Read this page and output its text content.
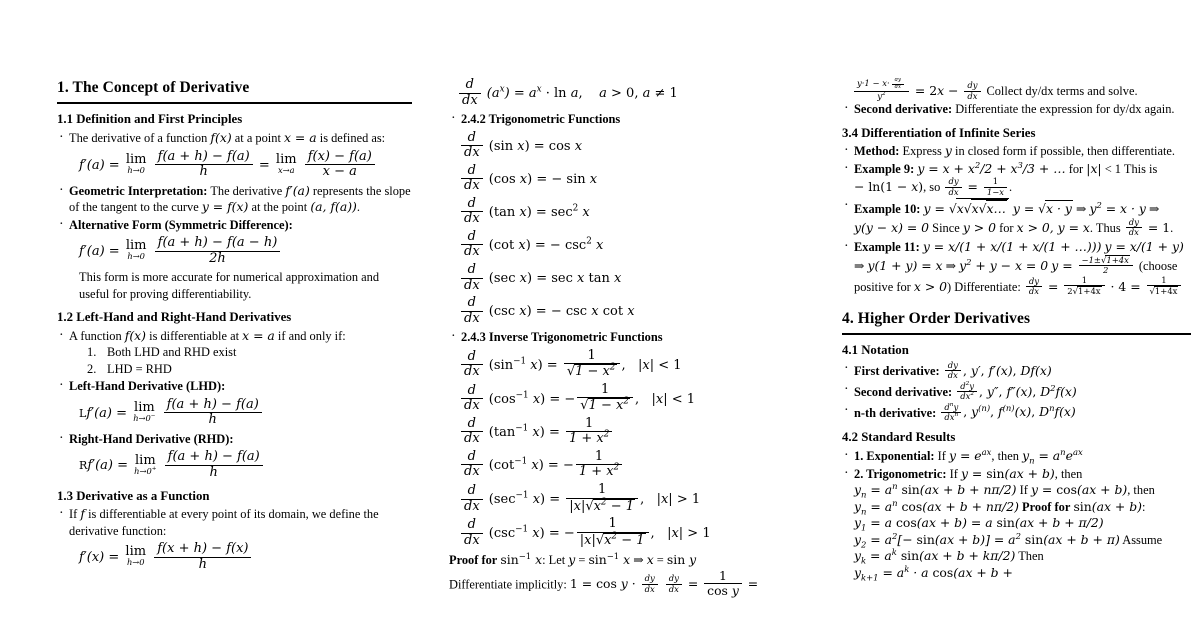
1. The Concept of Derivative
1.1 Definition and First Principles
· The derivative of a function f(x) at a point x = a is defined as:
f′(a) = lim
h→0
$\frac{f(a + h) - f(a)}{h} = \lim$
x→a
$\frac{f(x) - f(a)}{x - a}$
· Geometric Interpretation: The derivative f′(a) represents the slope of the tangent to the curve y = f(x) at the point (a, f(a)).
· Alternative Form (Symmetric Difference):
f′(a) = lim
h→0
$\frac{f(a + h) - f(a - h)}{2h}$
This form is more accurate for numerical approximation and useful for proving differentiability.
1.2 Left-Hand and Right-Hand Derivatives
· A function f(x) is differentiable at x = a if and only if:
Both LHD and RHD exist
LHD = RHD
· Left-Hand Derivative (LHD):
Lf′(a) = lim
h→0−
$\frac{f(a + h) - f(a)}{h}$
· Right-Hand Derivative (RHD):
Rf′(a) = lim
h→0+
$\frac{f(a + h) - f(a)}{h}$
1.3 Derivative as a Function
· If f is differentiable at every point of its domain, we define the derivative function:
f′(x) = lim
h→0
$\frac{f(x + h) - f(x)}{h}$
$\frac{d}{dx} (a^x) = a^x \cdot \ln a$,    a > 0, a ≠ 1
· 2.4.2 Trigonometric Functions
$\frac{d}{dx} (\sin$ x) = cos x
$\frac{d}{dx} (\cos$ x) = − sin x
$\frac{d}{dx} (\tan$ $x) = \sec^2 x$
$\frac{d}{dx} (\cot$ x) = − $\csc^2 x$
$\frac{d}{dx} (\sec$ x) = sec x tan x
$\frac{d}{dx} (\csc$ x) = − csc x cot x
· 2.4.3 Inverse Trigonometric Functions
$\frac{d}{dx} (\sin^{-1}$ $x) = \frac{1}{√1 - x^2}$ ,   |x| < 1
$\frac{d}{dx} (\cos^{-1}$ x) = − $\frac{1}{√1 - x^2}$ ,   |x| < 1
$\frac{d}{dx} (\tan^{-1}$ $x) = \frac{1}{1 + x^2}$
$\frac{d}{dx} (\cot^{-1}$ x) = − $\frac{1}{1 + x^2}$
$\frac{d}{dx} (\sec^{-1}$ $x) = \frac{1}{|x|√x^2 - 1}$ ,   |x| > 1
$\frac{d}{dx} (\csc^{-1}$ x) = − $\frac{1}{|x|√x^2 - 1}$ ,   |x| > 1
Proof for $\sin^{-1} x$: Let $y = \sin^{-1} x$ ⇒ x = sin y
Differentiate implicitly: $1 = \cos y \cdot \frac{dy}{dx}$
$\frac{dy}{dx} = \frac{1}{\text{cos y}}$ =
$\frac{y\cdot 1 - x\cdot \frac{dy}{dx}}{y^2} = 2x - \frac{dy}{dx}$ Collect dy/dx terms and solve.
· Second derivative: Differentiate the expression for dy/dx again.
3.4 Differentiation of Infinite Series
· Method: Express y in closed form if possible, then differentiate.
· Example 9: $y = x + x^2/2 + x^3/3$ + … for |x| < 1 This is − ln(1 − x), so $\frac{dy}{dx} = \frac{1}{1-x}$ .
· Example 10: y = √x√x√x… y = √x · y ⇒ $y^2 = x \cdot y$ ⇒ y(y − x) = 0 Since y > 0 for x > 0, y = x. Thus $\frac{dy}{dx} = 1$.
· Example 11: y = x/(1 + x/(1 + x/(1 + …))) y = x/(1 + y) ⇒ y(1 + y) = x ⇒ $y^2 + y - x = 0$ $y = \frac{-1\pm√1+4x}{2}$ (choose positive for x > 0) Differentiate: $\frac{dy}{dx} = \frac{1}{2√1+4x} \cdot 4 = \frac{1}{√1+4x}$
4. Higher Order Derivatives
4.1 Notation
· First derivative: $\frac{dy}{dx}$ , y′, f′(x), Df(x)
· Second derivative: $\frac{d^2y}{dx^2}$ , y″, f″(x), $D^2f(x)$
· n-th derivative: $\frac{d^ny}{dx^n}$ , $y^{(n)}$, $f^{(n)}(x)$, $D^nf(x)$
4.2 Standard Results
· 1. Exponential: If $y = e^{ax}$, then $y_n = a^ne^{ax}$
· 2. Trigonometric: If y = sin(ax + b), then $y_n = a^n$ sin(ax + b + nπ/2) If y = cos(ax + b), then $y_n = a^n$ cos(ax + b + nπ/2) Proof for sin(ax + b): $y_1 = a$ cos(ax + b) = a sin(ax + b + π/2) $y_2 = a^2[- \sin(ax + b)] = a^2$ sin(ax + b + π) Assume $y_k = a^k$ sin(ax + b + kπ/2) Then $y_{k+1} = a^k \cdot a$ cos(ax + b +
